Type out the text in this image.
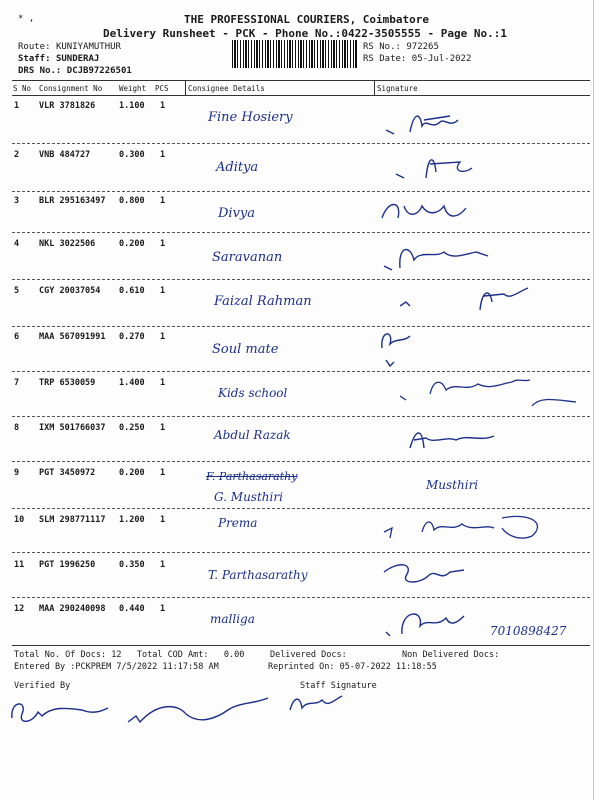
* ,	THE PROFESSIONAL COURIERS, Coimbatore
Delivery Runsheet - PCK - Phone No.:0422-3505555 - Page No.:1
Route: KUNIYAMUTHUR
Staff: SUNDERAJ
DRS No.: DCJB97226501
RS No.: 972265
RS Date: 05-Jul-2022
S No Consignment No Weight PCS	Consignee Details	Signature
1 VLR 3781826	1.100 1
Fine Hosiery
2 VNB 484727	0.300 1
Aditya
3 BLR 295163497 0.800 1
Divya
4 NKL 3022506	0.200 1
Saravanan
5 CGY 20037054 0.610 1
Faizal Rahman
6 MAA 567091991 0.270 1
Soul mate
7 TRP 6530059	1.400 1
Kids school
8 IXM 501766037 0.250 1	Abdul Razak
9 PGT 3450972	0.200 1	F. Parthasarathy
G. Musthiri
Musthiri
10 SLM 298771117 1.200 1	Prema
11 PGT 1996250	0.350 1
T. Parthasarathy
12 MAA 290240098 0.440 1
malliga
7010898427
Total No. Of Docs: 12 Total COD Amt: 0.00	Delivered Docs:	Non Delivered Docs:
Entered By :PCKPREM 7/5/2022 11:17:58 AM	Reprinted On: 05-07-2022 11:18:55
Verified By	Staff Signature
